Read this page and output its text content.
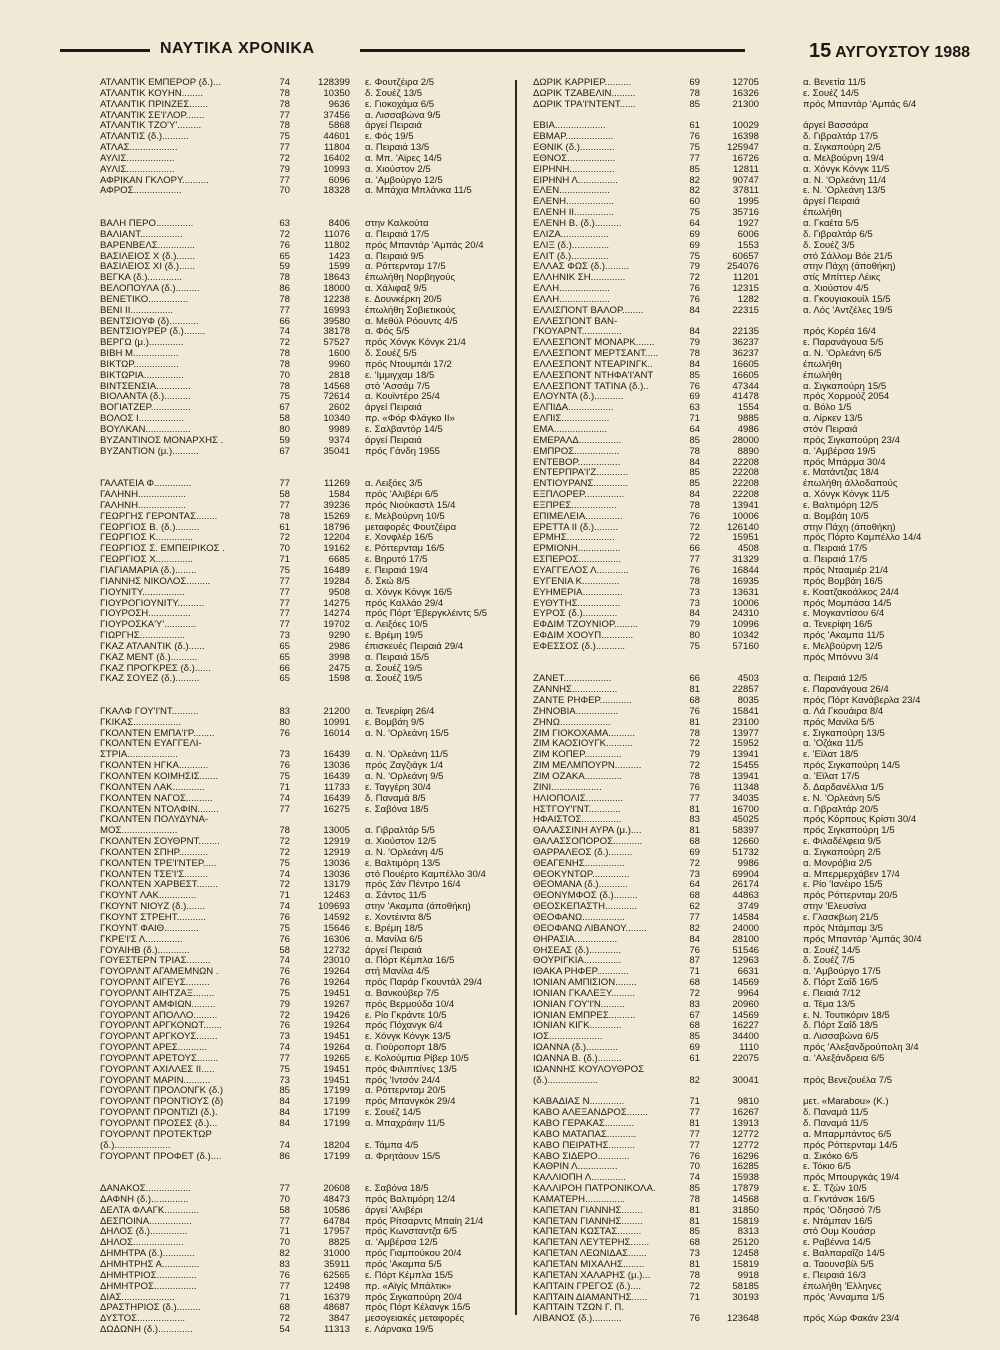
ΝΑΥΤΙΚΑ ΧΡΟΝΙΚΑ	15 ΑΥΓΟΥΣΤΟΥ 1988
ΑΤΛΑΝΤΙΚ ΕΜΠΕΡΟΡ (δ.)...	74	128399 ε. Φουτζέιρα 2/5
ΑΤΛΑΝΤΙΚ ΚΟΥΗΝ........	78	10350 δ. Σουέζ 13/5
ΑΤΛΑΝΤΙΚ ΠΡΙΝΖΕΣ.......	78	9636 ε. Γιοκοχάμα 6/5
ΑΤΛΑΝΤΙΚ ΣΕ'Ι'ΛΟΡ.......	77	37456 α. Λισσαβώνα 9/5
ΑΤΛΑΝΤΙΚ ΤΖΟ'Υ'.........	78	5868 άργεί Πειραιά
ΑΤΛΑΝΤΙΣ (δ.)..........	75	44601 ε. Φός 19/5
ΑΤΛΑΣ..................	77	11804 α. Πειραιά 13/5
ΑΥΛΙΣ..................	72	16402 α. Μπ. 'Αϊρες 14/5
ΑΥΛΙΣ..................	79	10993 α. Χιούστον 2/5
ΑΦΡΙΚΑΝ ΓΚΛΟΡΥ..........	77	6096 α. 'Αμβούργο 12/5
ΑΦΡΟΣ..................	70	18328 α. Μπάχια Μπλάνκα 11/5
ΒΑΛΗ ΠΕΡΟ..............	63	8406 στην Καλκούτα
ΒΑΛΙΑΝΤ................	72	11076 α. Πειραιά 17/5
ΒΑΡΕΝΒΕΛΣ..............	76	11802 πρός Μπαντάρ 'Αμπάς 20/4
ΒΑΣΙΛΕΙΟΣ Χ (δ.).......	65	1423 α. Πειραιά 9/5
ΒΑΣΙΛΕΙΟΣ ΧΙ (δ.)......	59	1599 α. Ρόττερνταμ 17/5
ΒΕΓΚΑ (δ.).............	78	18643 έπωλήθη Νορβηγούς
ΒΕΛΟΠΟΥΛΑ (δ.).........	86	18000 α. Χάλιφαξ 9/5
ΒΕΝΕΤΙΚΟ...............	78	12238 ε. Δουνκέρκη 20/5
ΒΕΝΙ ΙΙ................	77	16993 έπωλήθη Σοβιετικούς
ΒΕΝΤΣΙΟΥΦ (δ)...........	66	39580 α. Μεθύλ Ρόουντς 4/5
ΒΕΝΤΣΙΟΥΡΕΡ (δ.)........	74	38178 α. Φός 5/5
ΒΕΡΓΩ (μ.).............	72	57527 πρός Χόνγκ Κόνγκ 21/4
ΒΙΒΗ Μ.................	78	1600 δ. Σουέζ 5/5
ΒΙΚΤΩΡ.................	78	9960 πρός Ντουμπάι 17/2
ΒΙΚΤΩΡΙΑ...............	70	2818 ε. 'Ιμμιγχαμ 18/5
ΒΙΝΤΣΕΝΣΙΑ.............	78	14568 στό 'Ασσάμ 7/5
ΒΙΟΛΑΝΤΑ (δ.)..........	75	72614 α. Κουϊντέρο 25/4
ΒΟΓΙΑΤΖΕΡ...............	67	2602 άργεί Πειραιά
ΒΟΛΟΣ Ι.................	58	10340 πρ. «Φόρ Φλάγκο ΙΙ»
ΒΟΥΛΚΑΝ.................	80	9989 ε. Σαλβαντόρ 14/5
ΒΥΖΑΝΤΙΝΟΣ ΜΟΝΑΡΧΗΣ .	59	9374 άργεί Πειραιά
ΒΥΖΑΝΤΙΟΝ (μ.)..........	67	35041 πρός Γάνδη 1955
ΓΑΛΑΤΕΙΑ Φ..............	77	11269 α. Λειξόες 3/5
ΓΑΛΗΝΗ..................	58	1584 πρός 'Αλιβέρι 6/5
ΓΑΛΗΝΗ..................	77	39236 πρός Νιούκαστλ 15/4
ΓΕΩΡΓΗΣ ΓΕΡΟΝΤΑΣ........	78	15269 ε. Μελβούρνη 10/5
ΓΕΩΡΓΙΟΣ Β. (δ.).........	61	18796 μεταφορές Φουτζέιρα
ΓΕΩΡΓΙΟΣ Κ..............	72	12204 ε. Χονφλέρ 16/5
ΓΕΩΡΓΙΟΣ Σ. ΕΜΠΕΙΡΙΚΟΣ .	70	19162 ε. Ρόττερνταμ 16/5
ΓΕΩΡΓΙΟΣ Χ..............	71	6685 ε. Βηρυτό 17/5
ΓΙΑΓΙΑΜΑΡΙΑ (δ.)........	75	16489 ε. Πειραιά 19/4
ΓΙΑΝΝΗΣ ΝΙΚΟΛΟΣ.........	77	19284 δ. Σκώ 8/5
ΓΙΟΥΝΙΤΥ................	77	9508 α. Χόνγκ Κόνγκ 16/5
ΓΙΟΥΡΟΓΙΟΥΝΙΤΥ..........	77	14275 πρός Καλλάο 29/4
ΓΙΟΥΡΟΣΗ................	77	14274 πρός Πόρτ 'Εβεργκλέιντς 5/5
ΓΙΟΥΡΟΣΚΑ'Υ'............	77	19702 α. Λειξόες 10/5
ΓΙΩΡΓΗΣ.................	73	9290 ε. Βρέμη 19/5
ΓΚΑΖ ΑΤΛΑΝΤΙΚ (δ.)......	65	2986 έπισκευές Πειραιά 29/4
ΓΚΑΖ ΜΕΝΤ (δ.)..........	65	3998 α. Πειραιά 15/5
ΓΚΑΖ ΠΡΟΓΚΡΕΣ (δ.)......	66	2475 α. Σουέζ 19/5
ΓΚΑΖ ΣΟΥΕΖ (δ.).........	65	1598 α. Σουέζ 19/5
ΓΚΑΛΦ ΓΟΥ'Ι'ΝΤ..........	83	21200 α. Τενερίφη 26/4
ΓΚΙΚΑΣ..................	80	10991 ε. Βομβάη 9/5
ΓΚΟΛΝΤΕΝ ΕΜΠΑ'Ι'Ρ........	76	16014 α. Ν. 'Ορλεάνη 15/5
ΓΚΟΛΝΤΕΝ ΕΥΑΓΓΕΛΙ-
ΣΤΡΙΑ...................	73	16439 α. Ν. 'Ορλεάνη 11/5
ΓΚΟΛΝΤΕΝ ΗΓΚΑ...........	76	13036 πρός Ζαγζιάγκ 1/4
ΓΚΟΛΝΤΕΝ ΚΟΙΜΗΣΙΣ.......	75	16439 α. Ν. 'Ορλεάνη 9/5
ΓΚΟΛΝΤΕΝ ΛΑΚ............	71	11733 ε. Ταγγέρη 30/4
ΓΚΟΛΝΤΕΝ ΝΑΓΟΣ..........	74	16439 δ. Παναμά 8/5
ΓΚΟΛΝΤΕΝ ΝΤΟΛΦΙΝ........	77	16275 ε. Σαβόνα 18/5
ΓΚΟΛΝΤΕΝ ΠΟΛΥΔΥΝΑ-
ΜΟΣ.....................	78	13005 α. Γιβραλτάρ 5/5
ΓΚΟΛΝΤΕΝ ΣΟΥΘΡΝΤ........	72	12919 α. Χιούστον 12/5
ΓΚΟΛΝΤΕΝ ΣΠΗΡ...........	72	12919 α. Ν. 'Ορλεάνη 4/5
ΓΚΟΛΝΤΕΝ ΤΡΕ'Ι'ΝΤΕΡ.....	75	13036 ε. Βαλτιμόρη 13/5
ΓΚΟΛΝΤΕΝ ΤΣΕ'Ι'Σ.........	74	13036 στό Πουέρτο Καμπέλλο 30/4
ΓΚΟΛΝΤΕΝ ΧΑΡΒΕΣΤ........	72	13179 πρός Σάν Πέντρο 16/4
ΓΚΟΥΝΤ ΛΑΚ..............	71	12463 α. Σάντος 11/5
ΓΚΟΥΝΤ ΝΙΟΥΖ (δ.).......	74	109693 στην 'Ακαμπα (άποθήκη)
ΓΚΟΥΝΤ ΣΤΡΕΗΤ...........	76	14592 ε. Χοντέιντα 8/5
ΓΚΟΥΝΤ ΦΑΙΘ.............	75	15646 ε. Βρέμη 18/5
ΓΚΡΕ'Ι'Σ Λ..............	76	16306 α. Μανίλα 6/5
ΓΟΥΑΙΗΒ (δ.)............	58	12732 άργεί Πειραιά
ΓΟΥΕΣΤΕΡΝ ΤΡΙΑΣ.........	74	23010 α. Πόρτ Κέμπλα 16/5
ΓΟΥΟΡΛΝΤ ΑΓΑΜΕΜΝΩΝ .	76	19264 στή Μανίλα 4/5
ΓΟΥΟΡΛΝΤ ΑΙΓΕΥΣ.........	76	19264 πρός Παράρ Γκουντάλ 29/4
ΓΟΥΟΡΛΝΤ ΑΙΗΤΖΑΞ........	75	19451 α. Βανκούβερ 7/5
ΓΟΥΟΡΛΝΤ ΑΜΦΙΩΝ.........	79	19267 πρός Βερμούδα 10/4
ΓΟΥΟΡΛΝΤ ΑΠΟΛΛΟ.........	72	19426 ε. Ρίο Γκράντε 10/5
ΓΟΥΟΡΛΝΤ ΑΡΓΚΟΝΩΤ.......	76	19264 πρός Πόχανγκ 6/4
ΓΟΥΟΡΛΝΤ ΑΡΓΚΟΥΣ........	73	19451 ε. Χόνγκ Κόνγκ 13/5
ΓΟΥΟΡΛΝΤ ΑΡΕΣ...........	74	19264 α. Γιούροπορτ 18/5
ΓΟΥΟΡΛΝΤ ΑΡΕΤΟΥΣ........	77	19265 ε. Κολούμπια Ρίβερ 10/5
ΓΟΥΟΡΛΝΤ ΑΧΙΛΛΕΣ ΙΙ.....	75	19451 πρός Φιλιππίνες 13/5
ΓΟΥΟΡΛΝΤ ΜΑΡΙΝ..........	73	19451 πρός 'Ιντσόν 24/4
ΓΟΥΟΡΛΝΤ ΠΡΟΛΟΝΓΚ (δ.)	85	17199 α. Ρόττερνταμ 20/5
ΓΟΥΟΡΛΝΤ ΠΡΟΝΤΙΟΥΣ (δ)	84	17199 πρός Μπανγκόκ 29/4
ΓΟΥΟΡΛΝΤ ΠΡΟΝΤΙΖΙ (δ.).	84	17199 ε. Σουέζ 14/5
ΓΟΥΟΡΛΝΤ ΠΡΟΣΕΣ (δ.)...	84	17199 α. Μπαχράιην 11/5
ΓΟΥΟΡΛΝΤ ΠΡΟΤΕΚΤΩΡ
(δ.).....................	74	18204 ε. Τάμπα 4/5
ΓΟΥΟΡΛΝΤ ΠΡΟΦΕΤ (δ.)....	86	17199 α. Φρητάουν 15/5
ΔΑΝΑΚΟΣ.................	77	20608 ε. Σαβόνα 18/5
ΔΑΦΝΗ (δ.)..............	70	48473 πρός Βαλτιμόρη 12/4
ΔΕΛΤΑ ΦΛΑΓΚ.............	58	10586 άργεί 'Αλιβέρι
ΔΕΣΠΟΙΝΑ................	77	64784 πρός Ρίτσαρντς Μπαίη 21/4
ΔΗΛΟΣ (δ.)..............	71	17957 πρός Κωνσταντζα 6/5
ΔΗΛΟΣ...................	70	8825 α. 'Αμβέρσα 12/5
ΔΗΜΗΤΡΑ (δ.)............	82	31000 πρός Γιαμπούκου 20/4
ΔΗΜΗΤΡΗΣ Α..............	83	35911 πρός 'Ακαμπα 5/5
ΔΗΜΗΤΡΙΟΣ...............	76	62565 ε. Πόρτ Κέμπλα 15/5
ΔΗΜΗΤΡΟΣ................	77	12498 πρ. «Αϊγίς Μπάλτικ»
ΔΙΑΣ....................	71	16379 πρός Σιγκαπούρη 20/4
ΔΡΑΣΤΗΡΙΟΣ (δ.).........	68	48687 πρός Πόρτ Κέλανγκ 15/5
ΔΥΣΤΟΣ..................	72	3847 μεσογειακές μεταφορές
ΔΩΔΩΝΗ (δ.).............	54	11313 ε. Λάρνακα 19/5
ΔΩΡΙΚ ΚΑΡΡΙΕΡ..........	69	12705	α. Βενετία 11/5
ΔΩΡΙΚ ΤΖΑΒΕΛΙΝ.........	78	16326	ε. Σουέζ 14/5
ΔΩΡΙΚ ΤΡΑ'Ι'ΝΤΕΝΤ......	85	21300	πρός Μπαντάρ 'Αμπάς 6/4
ΕΒΙΑ...................	61	10029	άργεί Βασσάρα
ΕΒΜΑΡ..................	76	16398	δ. Γιβραλτάρ 17/5
ΕΘΝΙΚ (δ.).............	75	125947	α. Σιγκαπούρη 2/5
ΕΘΝΟΣ..................	77	16726	α. Μελβούρνη 19/4
ΕΙΡΗΝΗ.................	85	12811	α. Χόνγκ Κόνγκ 11/5
ΕΙΡΗΝΗ Λ...............	82	90747	α. Ν. 'Ορλεάνη 11/4
ΕΛΕΝ...................	82	37811	ε. Ν. 'Ορλεάνη 13/5
ΕΛΕΝΗ..................	60	1995	άργεί Πειραιά
ΕΛΕΝΗ ΙΙ...............	75	35716	έπωλήθη
ΕΛΕΝΗ Β. (δ.)..........	64	1927	α. Γκαέτα 5/5
ΕΛΙΖΑ..................	69	6006	δ. Γιβραλτάρ 6/5
ΕΛΙΞ (δ.)..............	69	1553	δ. Σουέζ 3/5
ΕΛΙΤ (δ.)..............	75	60657	στό Σάλλομ Βόε 21/5
ΕΛΛΑΣ ΦΩΣ (δ.).........	79	254076	στην Πάχη (άποθήκη)
ΕΛΛΗΝΙΚ ΣΗ.............	72	11201	στίς Μπίττερ Λέικς
ΕΛΛΗ...................	76	12315	α. Χιούστον 4/5
ΕΛΛΗ...................	76	1282	α. Γκουγιακουίλ 15/5
ΕΛΛΙΣΠΟΝΤ ΒΑΛΟΡ........	84	22315	α. Λός 'Αντζέλες 19/5
ΕΛΛΕΣΠΟΝΤ ΒΑΝ-
ΓΚΟΥΑΡΝΤ...............	84	22135	πρός Κορέα 16/4
ΕΛΛΕΣΠΟΝΤ ΜΟΝΑΡΚ.......	79	36237	ε. Παρανάγουα 5/5
ΕΛΛΕΣΠΟΝΤ ΜΕΡΤΣΑΝΤ.....	78	36237	α. Ν. 'Ορλεάνη 6/5
ΕΛΛΕΣΠΟΝΤ ΝΤΕΑΡΙΝΓΚ..	84	16605	έπωλήθη
ΕΛΛΕΣΠΟΝΤ ΝΤΗΦΑ'Ι'ΑΝΤ	85	16605	έπωλήθη
ΕΛΛΕΣΠΟΝΤ ΤΑΤΙΝΑ (δ.)..	76	47344	α. Σιγκαπούρη 15/5
ΕΛΟΥΝΤΑ (δ.)...........	69	41478	πρός Χορμούζ 2054
ΕΛΠΙΔΑ.................	63	1554	α. Βόλο 1/5
ΕΛΠΙΣ..................	71	9885	α. Λίρκεν 13/5
ΕΜΑ....................	64	4986	στόν Πειραιά
ΕΜΕΡΑΛΔ................	85	28000	πρός Σιγκαπούρη 23/4
ΕΜΠΡΟΣ.................	78	8890	α. 'Αμβέρσα 19/5
ΕΝΤΕΒΟΡ................	84	22208	πρός Μπάρμα 30/4
ΕΝΤΕΡΠΡΑ'Ι'Ζ............	85	22208	ε. Ματάντζας 18/4
ΕΝΤΙΟΥΡΑΝΣ.............	85	22208	έπωλήθη άλλοδαπούς
ΕΞΠΛΟΡΕΡ...............	84	22208	α. Χόνγκ Κόνγκ 11/5
ΕΞΠΡΕΣ.................	78	13941	ε. Βαλτιμόρη 12/5
ΕΠΙΜΕΛΕΙΑ..............	76	10006	α. Βομβάη 10/5
ΕΡΕΤΤΑ ΙΙ (δ.).........	72	126140	στην Πάχη (άποθήκη)
ΕΡΜΗΣ..................	72	15951	πρός Πόρτο Καμπέλλο 14/4
ΕΡΜΙΟΝΗ................	66	4508	α. Πειραιά 17/5
ΕΣΠΕΡΟΣ................	77	31329	α. Πειραιά 17/5
ΕΥΑΓΓΕΛΟΣ Λ............	76	16844	πρός Ντααμιέρ 21/4
ΕΥΓΕΝΙΑ Κ..............	78	16935	πρός Βομβάη 16/5
ΕΥΗΜΕΡΙΑ...............	73	13631	ε. Κοατζακοάλκος 24/4
ΕΥΘΥΤΗΣ................	73	10006	πρός Μομπάσα 14/5
ΕΥΡΟΣ (δ.).............	84	24310	ε. Μογκαντίσου 6/4
ΕΦΔΙΜ ΤΖΟΥΝΙΟΡ.........	79	10996	α. Τενερίφη 16/5
ΕΦΔΙΜ ΧΟΟΥΠ............	80	10342	πρός 'Ακαμπα 11/5
ΕΦΕΣΣΟΣ (δ.)...........	75	57160	ε. Μελβούρνη 12/5
πρός Μπόννυ 3/4
ΖΑΝΕΤ..................	66	4503	α. Πειραιά 12/5
ΖΑΝΝΗΣ.................	81	22857	ε. Παρανάγουα 26/4
ΖΑΝΤΕ ΡΗΦΕΡ............	68	8035	πρός Πόρτ Κανάβερλα 23/4
ΖΗΝΟΒΙΑ................	76	15841	α. Λά Γκουάιρα 8/4
ΖΗΝΩ...................	81	23100	πρός Μανίλα 5/5
ΖΙΜ ΓΙΟΚΟΧΑΜΑ..........	78	13977	ε. Σιγκαπούρη 13/5
ΖΙΜ ΚΑΟΣΙΟΥΓΚ..........	72	15952	α. 'Οζάκα 11/5
ΖΙΜ ΚΟΠΕΡ..............	79	13941	ε. 'Εϊλατ 18/5
ΖΙΜ ΜΕΛΜΠΟΥΡΝ..........	72	15455	πρός Σιγκαπούρη 14/5
ΖΙΜ ΟΖΑΚΑ..............	78	13941	α. 'Εϊλατ 17/5
ΖΙΝΙ...................	76	11348	δ. Δαρδανέλλια 1/5
ΗΛΙΟΠΟΛΙΣ..............	77	34035	ε. Ν. 'Ορλεάνη 5/5
ΗΣΤΓΟΥ'Ι'ΝΤ............	81	16700	α. Γιβραλτάρ 20/5
ΗΦΑΙΣΤΟΣ...............	83	45025	πρός Κόρπους Κρίστι 30/4
ΘΑΛΑΣΣΙΝΗ ΑΥΡΑ (μ.)....	81	58397	πρός Σιγκαπούρη 1/5
ΘΑΛΑΣΣΟΠΟΡΟΣ...........	68	12660	ε. Φιλαδέλφεια 9/5
ΘΑΡΡΑΛΕΟΣ (δ.).........	69	51732	α. Σιγκαπούρη 2/5
ΘΕΑΓΕΝΗΣ...............	72	9986	α. Μονρόβια 2/5
ΘΕΟΚΥΝΤΩΡ..............	73	69904	α. Μπερμερχάβεν 17/4
ΘΕΟΜΑΝΑ (δ.)...........	64	26174	ε. Ρίο 'Ιανέιρο 15/5
ΘΕΟΝΥΜΦΟΣ (δ.).........	68	44863	πρός Ρόττερνταμ 20/5
ΘΕΟΣΚΕΠΑΣΤΗ............	62	3749	στην 'Ελευσίνα
ΘΕΟΦΑΝΩ................	77	14584	ε. Γλασκβωη 21/5
ΘΕΟΦΑΝΩ ΛΙΒΑΝΟΥ........	82	24000	πρός Ντάμπαμ 3/5
ΘΗΡΑΣΙΑ................	84	28100	πρός Μπαντάρ 'Αμπάς 30/4
ΘΗΣΕΑΣ (δ.)............	76	51546	α. Σουέζ 14/5
ΘΟΥΡΙΓΚΙΑ..............	87	12963	δ. Σουέζ 7/5
ΙΘΑΚΑ ΡΗΦΕΡ............	71	6631	α. 'Αμβούργο 17/5
ΙΟΝΙΑΝ ΑΜΠΙΣΙΟΝ........	68	14569	δ. Πόρτ Σαΐδ 16/5
ΙΟΝΙΑΝ ΓΚΑΛΕΞΥ.........	72	9964	ε. Πειαιά 7/12
ΙΟΝΙΑΝ ΓΟΥ'Ι'Ν.........	83	20960	α. Τέμα 13/5
ΙΟΝΙΑΝ ΕΜΠΡΕΣ..........	67	14569	ε. Ν. Τουτικόριν 18/5
ΙΟΝΙΑΝ ΚΙΓΚ............	68	16227	δ. Πόρτ Σαΐδ 18/5
ΙΟΣ....................	85	34400	α. Λισσαβώνα 6/5
ΙΩΑΝΝΑ (δ.)............	69	1110	πρός 'Αλεξανδρούπολη 3/4
ΙΩΑΝΝΑ Β. (δ.).........	61	22075	α. 'Αλεξάνδρεια 6/5
ΙΩΑΝΝΗΣ ΚΟΥΛΟΥΘΡΟΣ
(δ.)...................	82	30041	πρός Βενεζουέλα 7/5
ΚΑΒΑΔΙΑΣ Ν.............	71	9810	μετ. «Marabou» (Κ.)
ΚΑΒΟ ΑΛΕΞΑΝΔΡΟΣ........	77	16267	δ. Παναμά 11/5
ΚΑΒΟ ΓΕΡΑΚΑΣ...........	81	13913	δ. Παναμά 11/5
ΚΑΒΟ ΜΑΤΑΠΑΣ...........	77	12772	α. Μπαρμπάντος 6/5
ΚΑΒΟ ΠΕΙΡΑΤΗΣ..........	77	12772	πρός Ρόττερνταμ 14/5
ΚΑΒΟ ΣΙΔΕΡΟ............	76	16296	α. Σικόκο 6/5
ΚΑΘΡΙΝ Λ...............	70	16285	ε. Τόκιο 6/5
ΚΑΛΛΙΟΠΗ Λ.............	74	15938	πρός Μπουργκάς 19/4
ΚΑΛΛΙΡΟΗ ΠΑΤΡΟΝΙΚΟΛΑ.	85	17879	ε. Σ. Τζών 10/5
ΚΑΜΑΤΕΡΗ...............	78	14568	α. Γκντάνσκ 16/5
ΚΑΠΕΤΑΝ ΓΙΑΝΝΗΣ........	81	31850	πρός 'Οδησσό 7/5
ΚΑΠΕΤΑΝ ΓΙΑΝΝΗΣ........	81	15819	ε. Ντάμπαν 16/5
ΚΑΠΕΤΑΝ ΚΩΣΤΑΣ.........	85	8313	στό Ουμ Κουάσρ
ΚΑΠΕΤΑΝ ΛΕΥΤΕΡΗΣ.......	68	25120	ε. Ραβέννα 14/5
ΚΑΠΕΤΑΝ ΛΕΩΝΙΔΑΣ.......	73	12458	ε. Βαλπαραΐζο 14/5
ΚΑΠΕΤΑΝ ΜΙΧΑΛΗΣ........	81	15819	α. Ταουνσβίλ 5/5
ΚΑΠΕΤΑΝ ΧΑΛΑΡΗΣ (μ.)...	78	9918	ε. Πειραιά 16/3
ΚΑΠΤΑΙΝ ΓΡΕΓΟΣ (δ.)....	72	58185	έπωλήθη 'Ελληνες
ΚΑΠΤΑΙΝ ΔΙΑΜΑΝΤΗΣ......	71	30193	πρός 'Ανναμπα 1/5
ΚΑΠΤΑΙΝ ΤΖΩΝ Γ. Π.
ΛΙΒΑΝΟΣ (δ.)...........	76	123648	πρός Χώρ Φακάν 23/4
